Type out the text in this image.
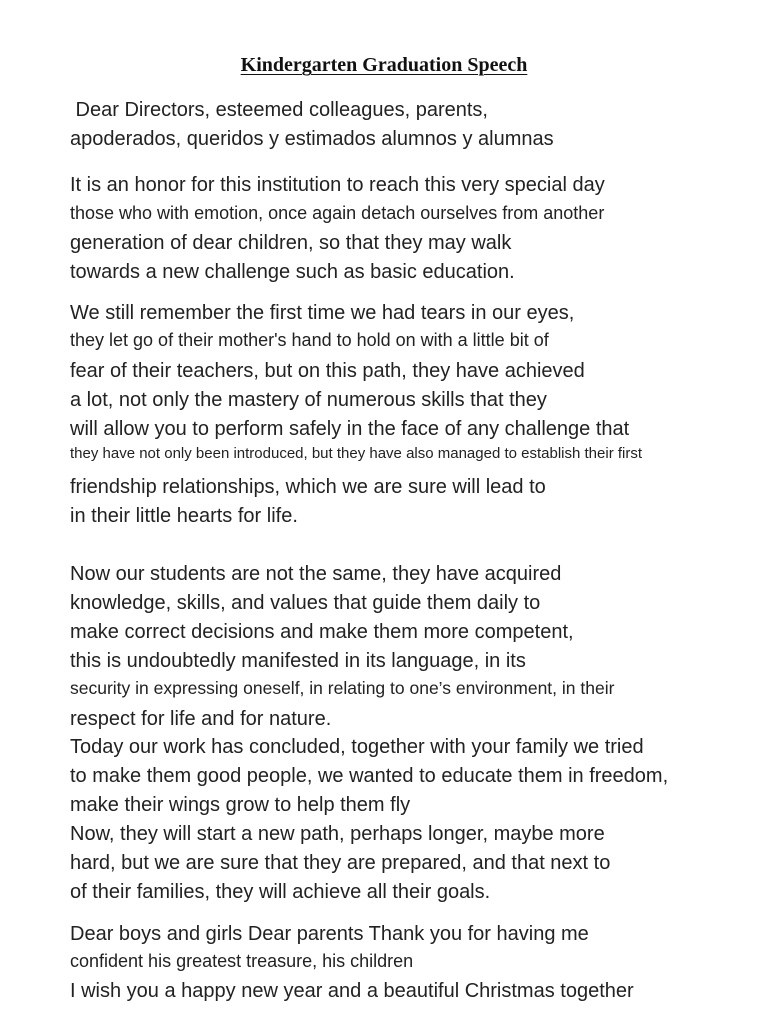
Kindergarten Graduation Speech
Dear Directors, esteemed colleagues, parents,
apoderados, queridos y estimados alumnos y alumnas
It is an honor for this institution to reach this very special day
those who with emotion, once again detach ourselves from another
generation of dear children, so that they may walk
towards a new challenge such as basic education.
We still remember the first time we had tears in our eyes,
they let go of their mother's hand to hold on with a little bit of
fear of their teachers, but on this path, they have achieved
a lot, not only the mastery of numerous skills that they
will allow you to perform safely in the face of any challenge that
they have not only been introduced, but they have also managed to establish their first
friendship relationships, which we are sure will lead to
in their little hearts for life.
Now our students are not the same, they have acquired
knowledge, skills, and values that guide them daily to
make correct decisions and make them more competent,
this is undoubtedly manifested in its language, in its
security in expressing oneself, in relating to one’s environment, in their
respect for life and for nature.
Today our work has concluded, together with your family we tried
to make them good people, we wanted to educate them in freedom,
make their wings grow to help them fly
Now, they will start a new path, perhaps longer, maybe more
hard, but we are sure that they are prepared, and that next to
of their families, they will achieve all their goals.
Dear boys and girls Dear parents Thank you for having me
confident his greatest treasure, his children
I wish you a happy new year and a beautiful Christmas together
